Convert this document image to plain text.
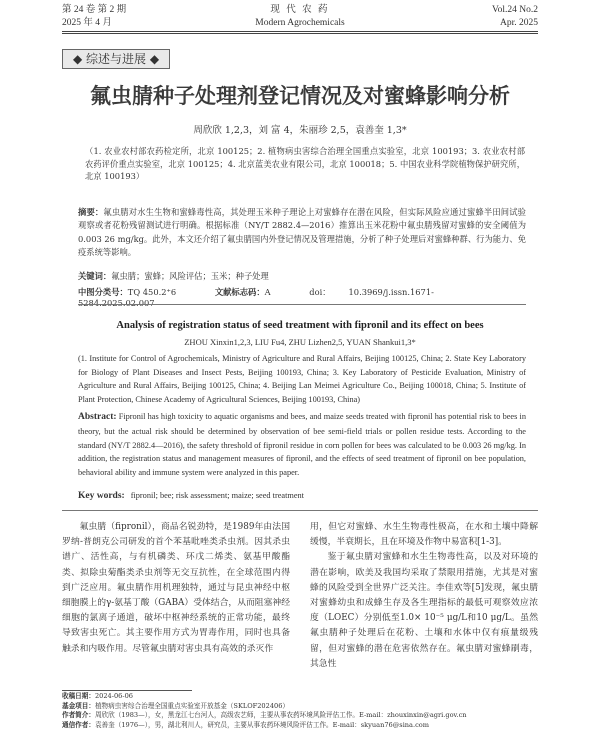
第 24 卷 第 2 期
2025 年 4 月
现 代 农 药
Modern Agrochemicals
Vol.24 No.2
Apr. 2025
◆ 综述与进展 ◆
氟虫腈种子处理剂登记情况及对蜜蜂影响分析
周欣欣 1,2,3，刘 富 4，朱丽珍 2,5，袁善奎 1,3*
（1. 农业农村部农药检定所，北京 100125；2. 植物病虫害综合治理全国重点实验室，北京 100193；3. 农业农村部农药评价重点实验室，北京 100125；4. 北京蓝美农业有限公司，北京 100018；5. 中国农业科学院植物保护研究所，北京 100193）
摘要：氟虫腈对水生生物和蜜蜂毒性高，其处理玉米种子理论上对蜜蜂存在潜在风险，但实际风险应通过蜜蜂半田间试验观察或者花粉残留测试进行明确。根据标准（NY/T 2882.4—2016）推算出玉米花粉中氟虫腈残留对蜜蜂的安全阈值为0.003 26 mg/kg。此外，本文还介绍了氟虫腈国内外登记情况及管理措施，分析了种子处理后对蜜蜂种群、行为能力、免疫系统等影响。
关键词：氟虫腈；蜜蜂；风险评估；玉米；种子处理
中图分类号：TQ 450.2⁺6	文献标志码：A	doi： 10.3969/j.issn.1671-5284.2025.02.007
Analysis of registration status of seed treatment with fipronil and its effect on bees
ZHOU Xinxin1,2,3, LIU Fu4, ZHU Lizhen2,5, YUAN Shankui1,3*
(1. Institute for Control of Agrochemicals, Ministry of Agriculture and Rural Affairs, Beijing 100125, China; 2. State Key Laboratory for Biology of Plant Diseases and Insect Pests, Beijing 100193, China; 3. Key Laboratory of Pesticide Evaluation, Ministry of Agriculture and Rural Affairs, Beijing 100125, China; 4. Beijing Lan Meimei Agriculture Co., Beijing 100018, China; 5. Institute of Plant Protection, Chinese Academy of Agricultural Sciences, Beijing 100193, China)
Abstract: Fipronil has high toxicity to aquatic organisms and bees, and maize seeds treated with fipronil has potential risk to bees in theory, but the actual risk should be determined by observation of bee semi-field trials or pollen residue tests. According to the standard (NY/T 2882.4—2016), the safety threshold of fipronil residue in corn pollen for bees was calculated to be 0.003 26 mg/kg. In addition, the registration status and management measures of fipronil, and the effects of seed treatment of fipronil on bee population, behavioral ability and immune system were analyzed in this paper.
Key words: fipronil; bee; risk assessment; maize; seed treatment

氟虫腈（fipronil），商品名锐劲特，是1989年由法国罗纳-普朗克公司研发的首个苯基吡唑类杀虫剂。因其杀虫谱广、活性高，与有机磷类、环戊二烯类、氨基甲酸酯类、拟除虫菊酯类杀虫剂等无交互抗性，在全球范围内得到广泛应用。氟虫腈作用机理独特，通过与昆虫神经中枢细胞膜上的γ-氨基丁酸（GABA）受体结合，从而阻塞神经细胞的氯离子通道，破坏中枢神经系统的正常功能，最终导致害虫死亡。其主要作用方式为胃毒作用，同时也具备触杀和内吸作用。尽管氟虫腈对害虫具有高效的杀灭作

用，但它对蜜蜂、水生生物毒性极高，在水和土壤中降解缓慢，半衰期长，且在环境及作物中易富积[1-3]。

鉴于氟虫腈对蜜蜂和水生生物毒性高，以及对环境的潜在影响，欧美及我国均采取了禁限用措施，尤其是对蜜蜂的风险受到全世界广泛关注。李佳欢等[5]发现，氟虫腈对蜜蜂幼虫和成蜂生存及各生理指标的最低可观察效应浓度（LOEC）分别低至1.0× 10⁻⁵ μg/L和10 μg/L。虽然氟虫腈种子处理后在花粉、土壤和水体中仅有痕量级残留，但对蜜蜂的潜在危害依然存在。氟虫腈对蜜蜂刷毒，其急性

收稿日期：2024-06-06
基金项目：植物病虫害综合治理全国重点实验室开放基金（SKLOF202406）
作者简介：周欣欣（1983—），女，黑龙江七台河人，高级农艺师，主要从事农药环境风险评估工作。E-mail：zhouxinxin@agri.gov.cn
通信作者：袁善奎（1976—），男，湖北利川人，研究员，主要从事农药环境风险评估工作。E-mail：skyuan76@sina.com
